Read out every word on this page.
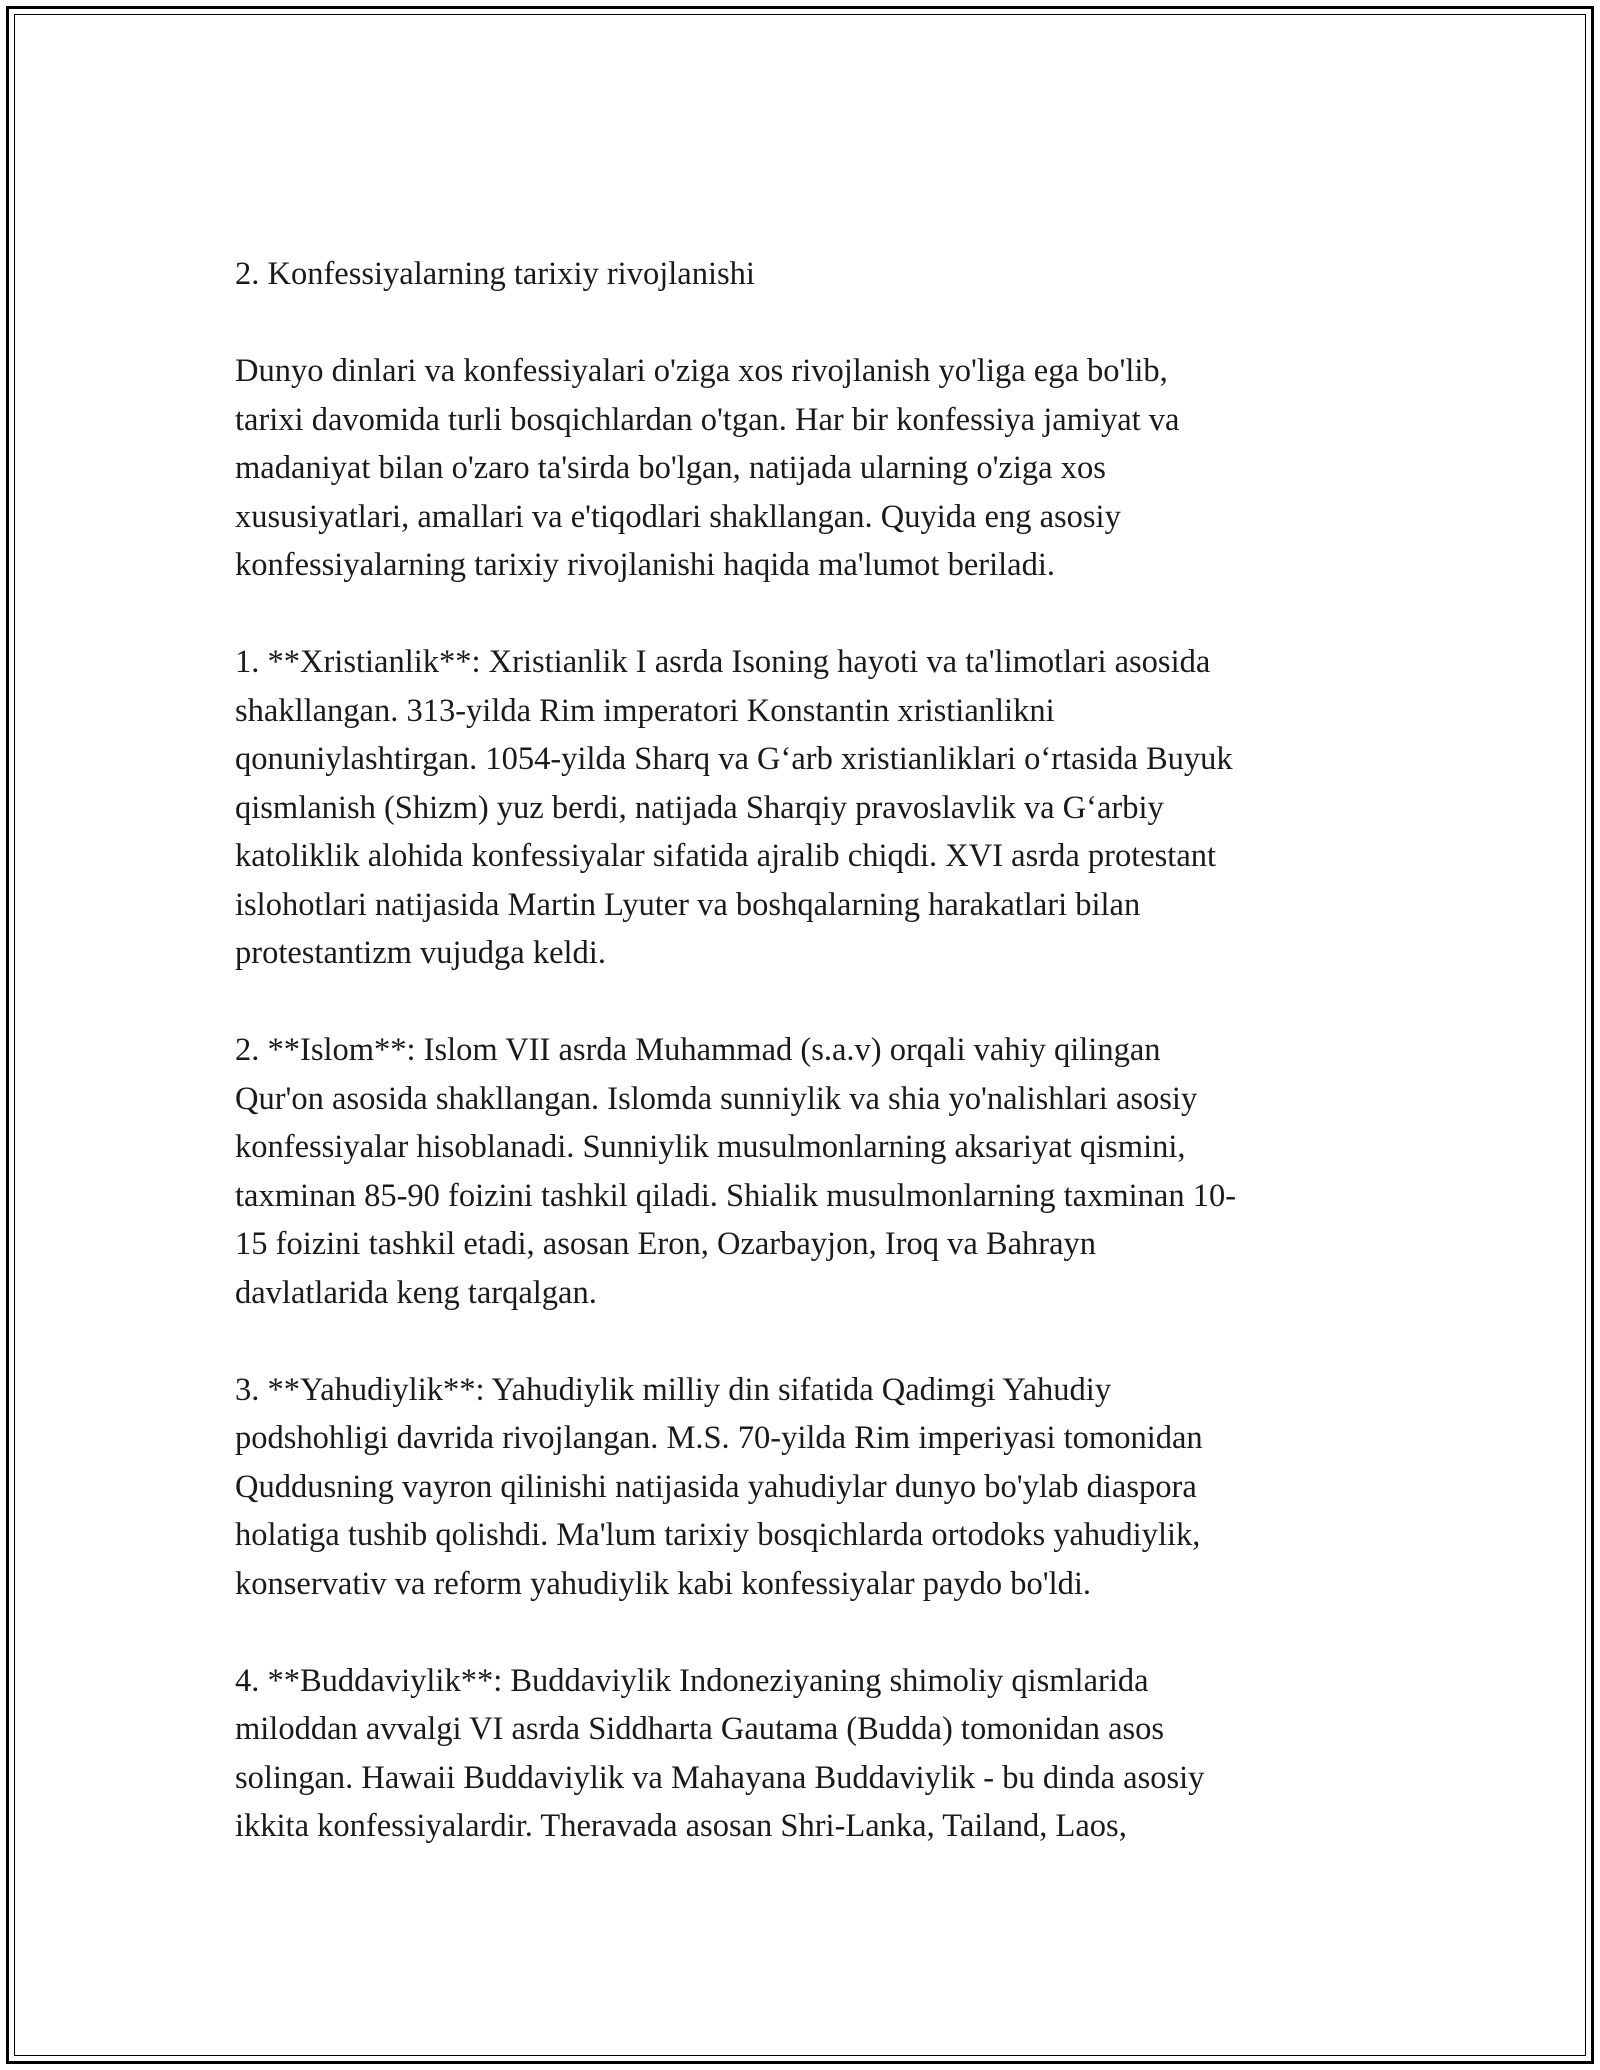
2. Konfessiyalarning tarixiy rivojlanishi

Dunyo dinlari va konfessiyalari o'ziga xos rivojlanish yo'liga ega bo'lib,
tarixi davomida turli bosqichlardan o'tgan. Har bir konfessiya jamiyat va
madaniyat bilan o'zaro ta'sirda bo'lgan, natijada ularning o'ziga xos
xususiyatlari, amallari va e'tiqodlari shakllangan. Quyida eng asosiy
konfessiyalarning tarixiy rivojlanishi haqida ma'lumot beriladi.

1. **Xristianlik**: Xristianlik I asrda Isoning hayoti va ta'limotlari asosida
shakllangan. 313-yilda Rim imperatori Konstantin xristianlikni
qonuniylashtirgan. 1054-yilda Sharq va G‘arb xristianliklari o‘rtasida Buyuk
qismlanish (Shizm) yuz berdi, natijada Sharqiy pravoslavlik va G‘arbiy
katoliklik alohida konfessiyalar sifatida ajralib chiqdi. XVI asrda protestant
islohotlari natijasida Martin Lyuter va boshqalarning harakatlari bilan
protestantizm vujudga keldi.

2. **Islom**: Islom VII asrda Muhammad (s.a.v) orqali vahiy qilingan
Qur'on asosida shakllangan. Islomda sunniylik va shia yo'nalishlari asosiy
konfessiyalar hisoblanadi. Sunniylik musulmonlarning aksariyat qismini,
taxminan 85-90 foizini tashkil qiladi. Shialik musulmonlarning taxminan 10-
15 foizini tashkil etadi, asosan Eron, Ozarbayjon, Iroq va Bahrayn
davlatlarida keng tarqalgan.

3. **Yahudiylik**: Yahudiylik milliy din sifatida Qadimgi Yahudiy
podshohligi davrida rivojlangan. M.S. 70-yilda Rim imperiyasi tomonidan
Quddusning vayron qilinishi natijasida yahudiylar dunyo bo'ylab diaspora
holatiga tushib qolishdi. Ma'lum tarixiy bosqichlarda ortodoks yahudiylik,
konservativ va reform yahudiylik kabi konfessiyalar paydo bo'ldi.

4. **Buddaviylik**: Buddaviylik Indoneziyaning shimoliy qismlarida
miloddan avvalgi VI asrda Siddharta Gautama (Budda) tomonidan asos
solingan. Hawaii Buddaviylik va Mahayana Buddaviylik - bu dinda asosiy
ikkita konfessiyalardir. Theravada asosan Shri-Lanka, Tailand, Laos,
